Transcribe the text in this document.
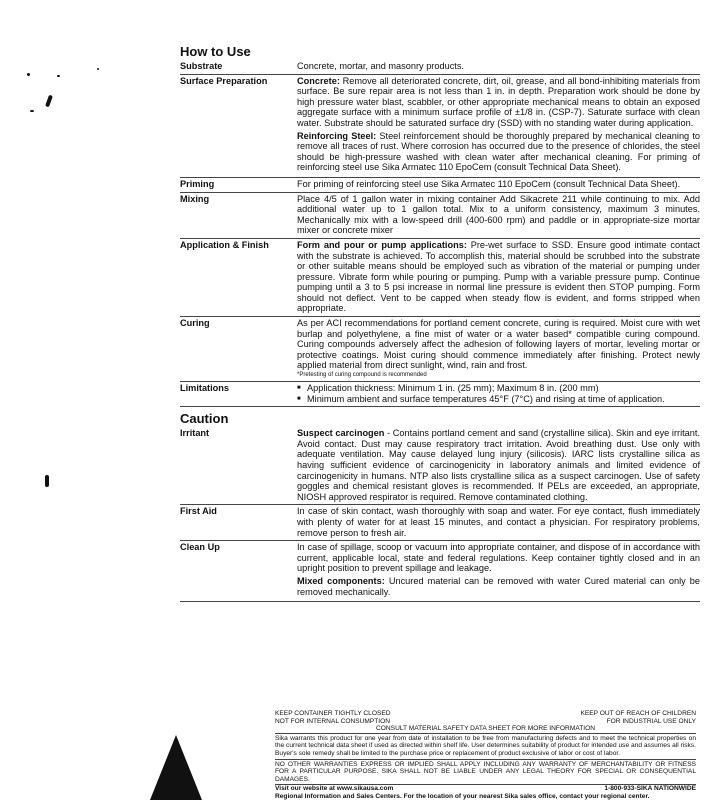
How to Use
Substrate	Concrete, mortar, and masonry products.
Surface Preparation	Concrete: Remove all deteriorated concrete, dirt, oil, grease, and all bond-inhibiting materials from surface. Be sure repair area is not less than 1 in. in depth. Preparation work should be done by high pressure water blast, scabbler, or other appropriate mechanical means to obtain an exposed aggregate surface with a minimum surface profile of ±1/8 in. (CSP-7). Saturate surface with clean water. Substrate should be saturated surface dry (SSD) with no standing water during application.

Reinforcing Steel: Steel reinforcement should be thoroughly prepared by mechanical cleaning to remove all traces of rust. Where corrosion has occurred due to the presence of chlorides, the steel should be high-pressure washed with clean water after mechanical cleaning. For priming of reinforcing steel use Sika Armatec 110 EpoCem (consult Technical Data Sheet).

Priming	For priming of reinforcing steel use Sika Armatec 110 EpoCem (consult Technical Data Sheet).
Mixing	Place 4/5 of 1 gallon water in mixing container Add Sikacrete 211 while continuing to mix. Add additional water up to 1 gallon total. Mix to a uniform consistency, maximum 3 minutes. Mechanically mix with a low-speed drill (400-600 rpm) and paddle or in appropriate-size mortar mixer or concrete mixer
Application & Finish	Form and pour or pump applications: Pre-wet surface to SSD. Ensure good intimate contact with the substrate is achieved. To accomplish this, material should be scrubbed into the substrate or other suitable means should be employed such as vibration of the material or pumping under pressure. Vibrate form while pouring or pumping. Pump with a variable pressure pump. Continue pumping until a 3 to 5 psi increase in normal line pressure is evident then STOP pumping. Form should not deflect. Vent to be capped when steady flow is evident, and forms stripped when appropriate.
Curing	As per ACI recommendations for portland cement concrete, curing is required. Moist cure with wet burlap and polyethylene, a fine mist of water or a water based* compatible curing compound. Curing compounds adversely affect the adhesion of following layers of mortar, leveling mortar or protective coatings. Moist curing should commence immediately after finishing. Protect newly applied material from direct sunlight, wind, rain and frost.
*Pretesting of curing compound is recommended
Limitations
■	Application thickness: Minimum 1 in. (25 mm); Maximum 8 in. (200 mm)
■ Minimum ambient and surface temperatures 45°F (7°C) and rising at time of application.
Caution
Irritant	Suspect carcinogen - Contains portland cement and sand (crystalline silica). Skin and eye irritant. Avoid contact. Dust may cause respiratory tract irritation. Avoid breathing dust. Use only with adequate ventilation. May cause delayed lung injury (silicosis). IARC lists crystalline silica as having sufficient evidence of carcinogenicity in laboratory animals and limited evidence of carcinogenicity in humans. NTP also lists crystalline silica as a suspect carcinogen. Use of safety goggles and chemical resistant gloves is recommended. If PELs are exceeded, an appropriate, NIOSH approved respirator is required. Remove contaminated clothing.
First Aid	In case of skin contact, wash thoroughly with soap and water. For eye contact, flush immediately with plenty of water for at least 15 minutes, and contact a physician. For respiratory problems, remove person to fresh air.
Clean Up	In case of spillage, scoop or vacuum into appropriate container, and dispose of in accordance with current, applicable local, state and federal regulations. Keep container tightly closed and in an upright position to prevent spillage and leakage.

Mixed components: Uncured material can be removed with water Cured material can only be removed mechanically.

KEEP CONTAINER TIGHTLY CLOSED	KEEP OUT OF REACH OF CHILDREN
NOT FOR INTERNAL CONSUMPTION	FOR INDUSTRIAL USE ONLY
CONSULT MATERIAL SAFETY DATA SHEET FOR MORE INFORMATION

Sika warrants this product for one year from date of installation to be free from manufacturing defects and to meet the technical properties on the current technical data sheet if used as directed within shelf life. User determines suitability of product for intended use and assumes all risks. Buyer's sole remedy shall be limited to the purchase price or replacement of product exclusive of labor or cost of labor.

NO OTHER WARRANTIES EXPRESS OR IMPLIED SHALL APPLY INCLUDING ANY WARRANTY OF MERCHANTABILITY OR FITNESS FOR A PARTICULAR PURPOSE. SIKA SHALL NOT BE LIABLE UNDER ANY LEGAL THEORY FOR SPECIAL OR CONSEQUENTIAL DAMAGES.

Visit our website at www.sikausa.com	1-800-933-SIKA NATIONWIDE
Regional Information and Sales Centers. For the location of your nearest Sika sales office, contact your regional center.
